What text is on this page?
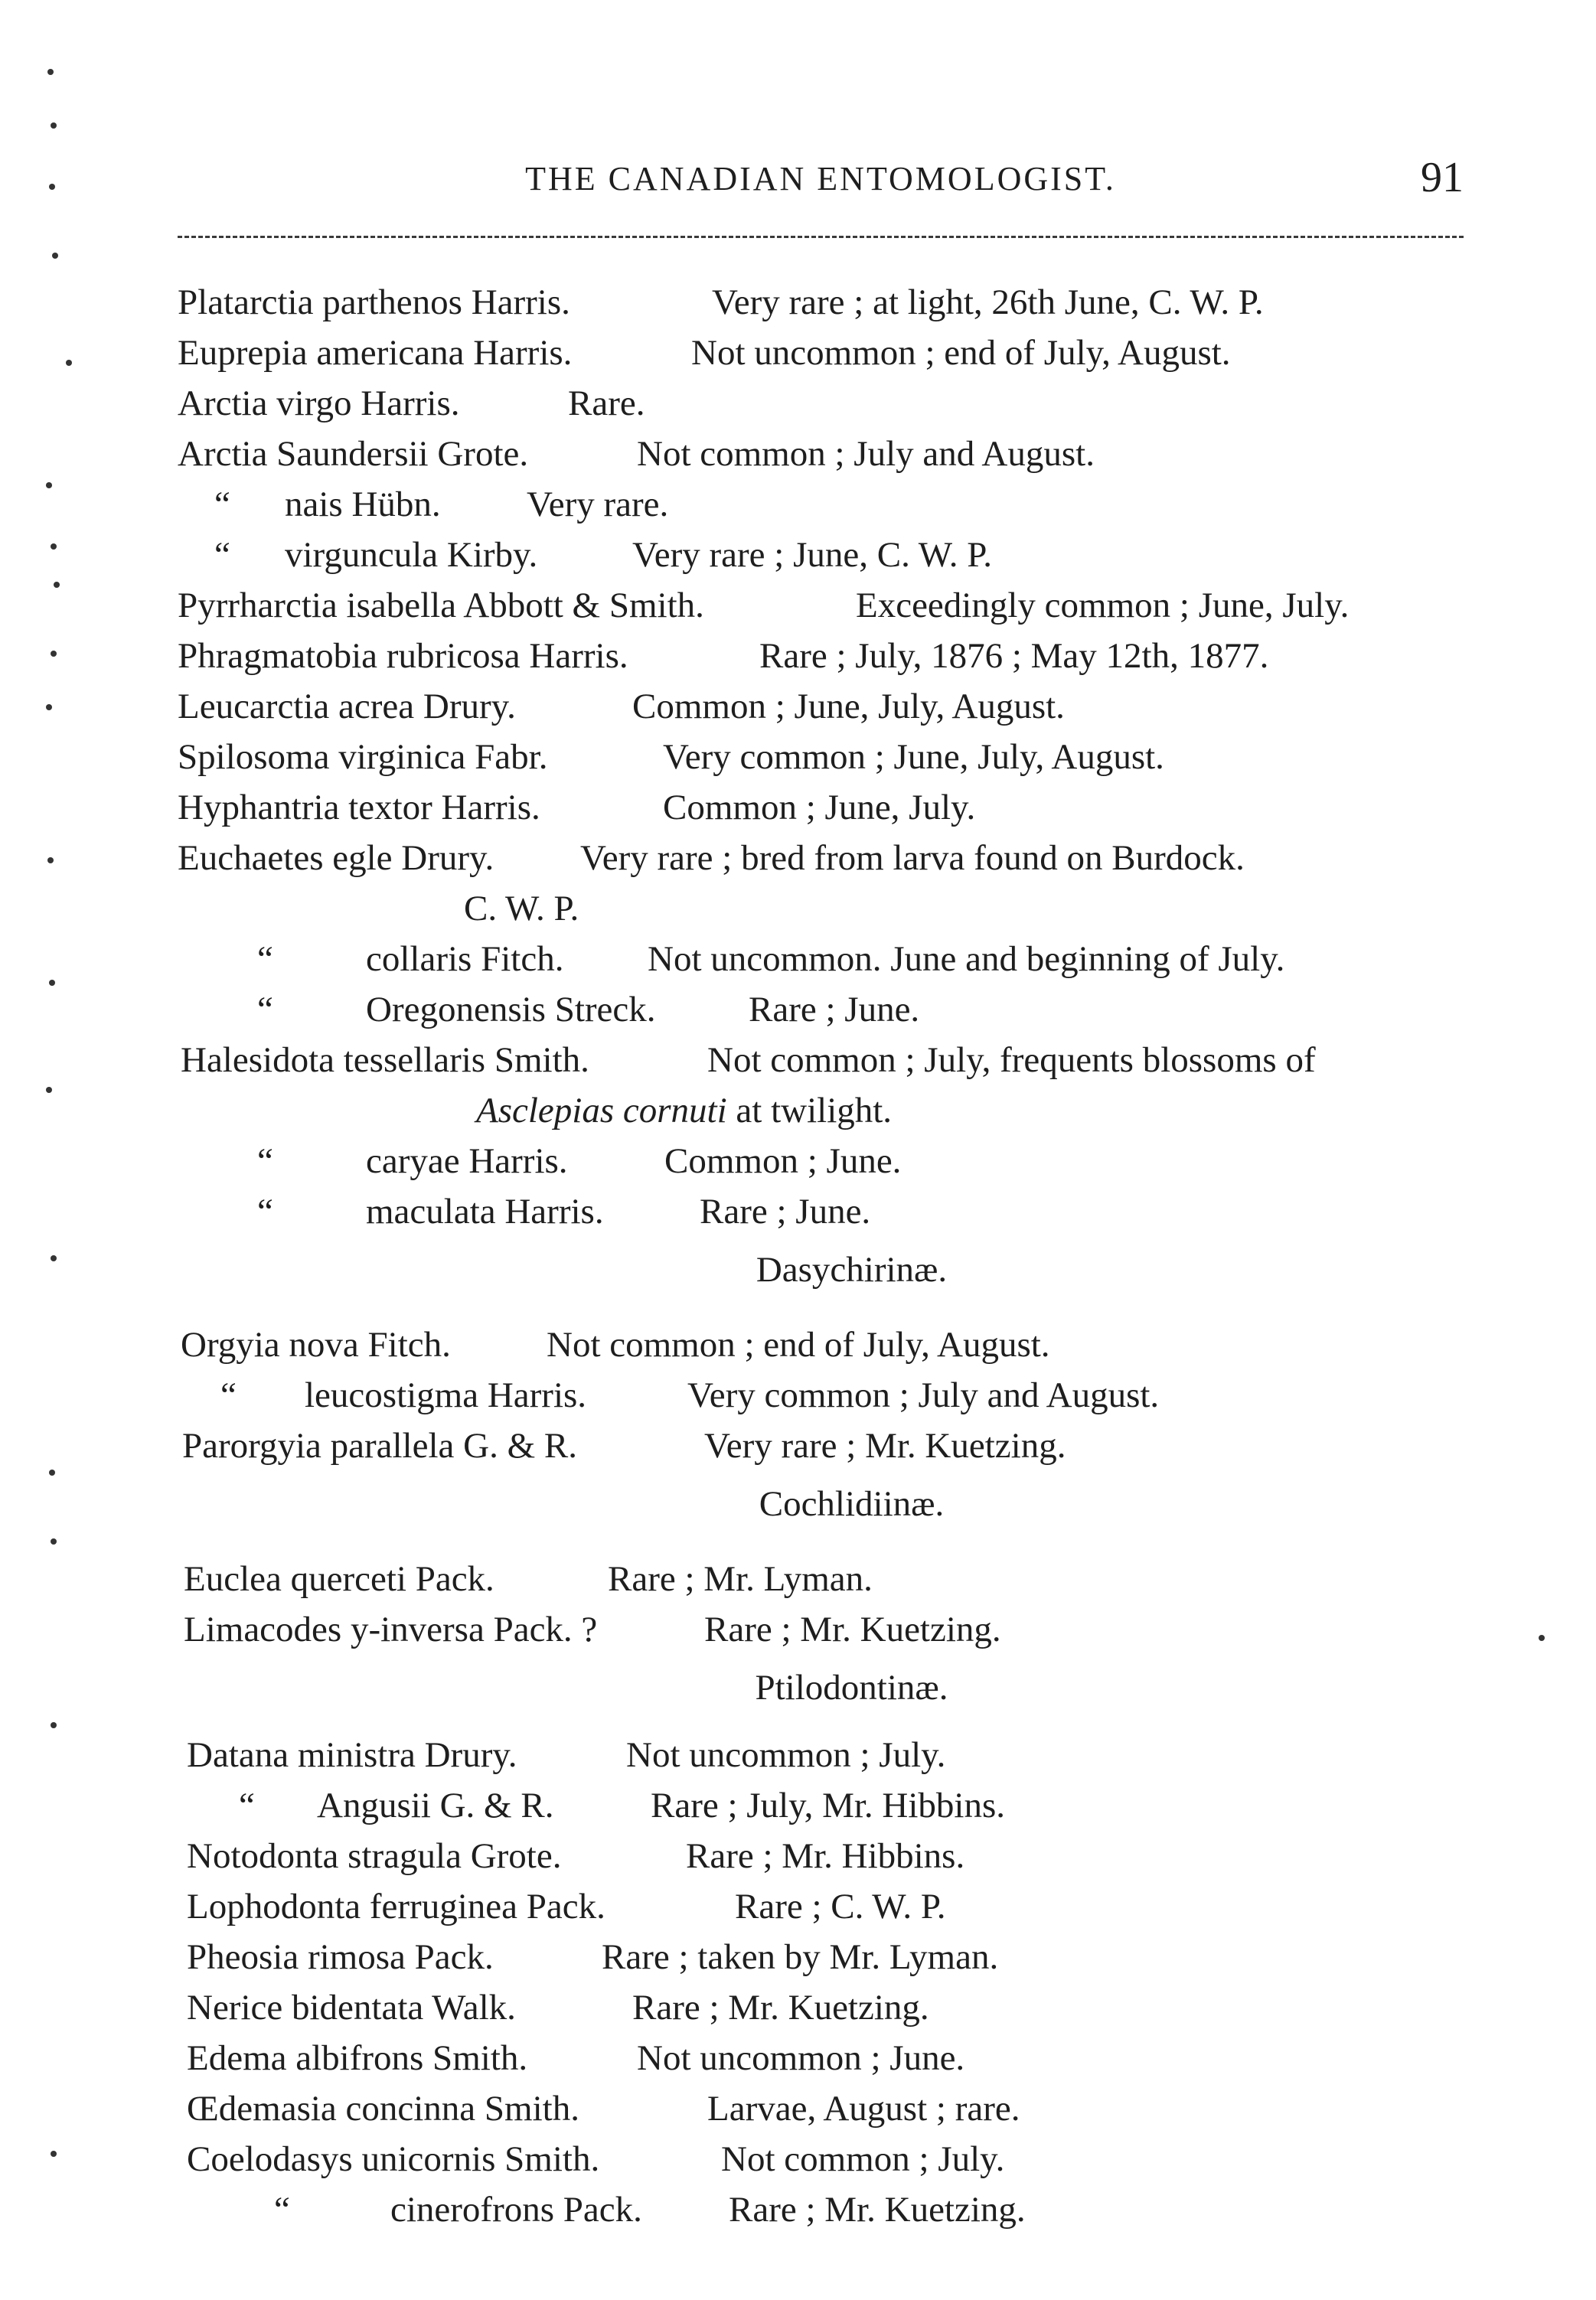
THE CANADIAN ENTOMOLOGIST.	91
Platarctia parthenos Harris.	Very rare ; at light, 26th June, C. W. P.
Euprepia americana Harris.	Not uncommon ; end of July, August.
Arctia virgo Harris.	Rare.
Arctia Saundersii Grote.	Not common ; July and August.
“ nais Hübn. Very rare.
“ virguncula Kirby.	Very rare ; June, C. W. P.
Pyrrharctia isabella Abbott & Smith.	Exceedingly common ; June, July.
Phragmatobia rubricosa Harris.	Rare ; July, 1876 ; May 12th, 1877.
Leucarctia acrea Drury.	Common ; June, July, August.
Spilosoma virginica Fabr.	Very common ; June, July, August.
Hyphantria textor Harris.	Common ; June, July.
Euchaetes egle Drury. Very rare ; bred from larva found on Burdock.
C. W. P.
“	collaris Fitch. Not uncommon. June and beginning of July.
“	Oregonensis Streck.	Rare ; June.
Halesidota tessellaris Smith.	Not common ; July, frequents blossoms of
Asclepias cornuti at twilight.
“	caryae Harris.	Common ; June.
“	maculata Harris.	Rare ; June.
Dasychirinæ.
Orgyia nova Fitch.	Not common ; end of July, August.
“ leucostigma Harris.	Very common ; July and August.
Parorgyia parallela G. & R.	Very rare ; Mr. Kuetzing.
Cochlidiinæ.
Euclea querceti Pack.	Rare ; Mr. Lyman.
Limacodes y-inversa Pack. ?	Rare ; Mr. Kuetzing.
Ptilodontinæ.
Datana ministra Drury.	Not uncommon ; July.
“ Angusii G. & R.	Rare ; July, Mr. Hibbins.
Notodonta stragula Grote.	Rare ; Mr. Hibbins.
Lophodonta ferruginea Pack.	Rare ; C. W. P.
Pheosia rimosa Pack.	Rare ; taken by Mr. Lyman.
Nerice bidentata Walk.	Rare ; Mr. Kuetzing.
Edema albifrons Smith.	Not uncommon ; June.
Œdemasia concinna Smith.	Larvae, August ; rare.
Coelodasys unicornis Smith.	Not common ; July.
“	cinerofrons Pack. Rare ; Mr. Kuetzing.
